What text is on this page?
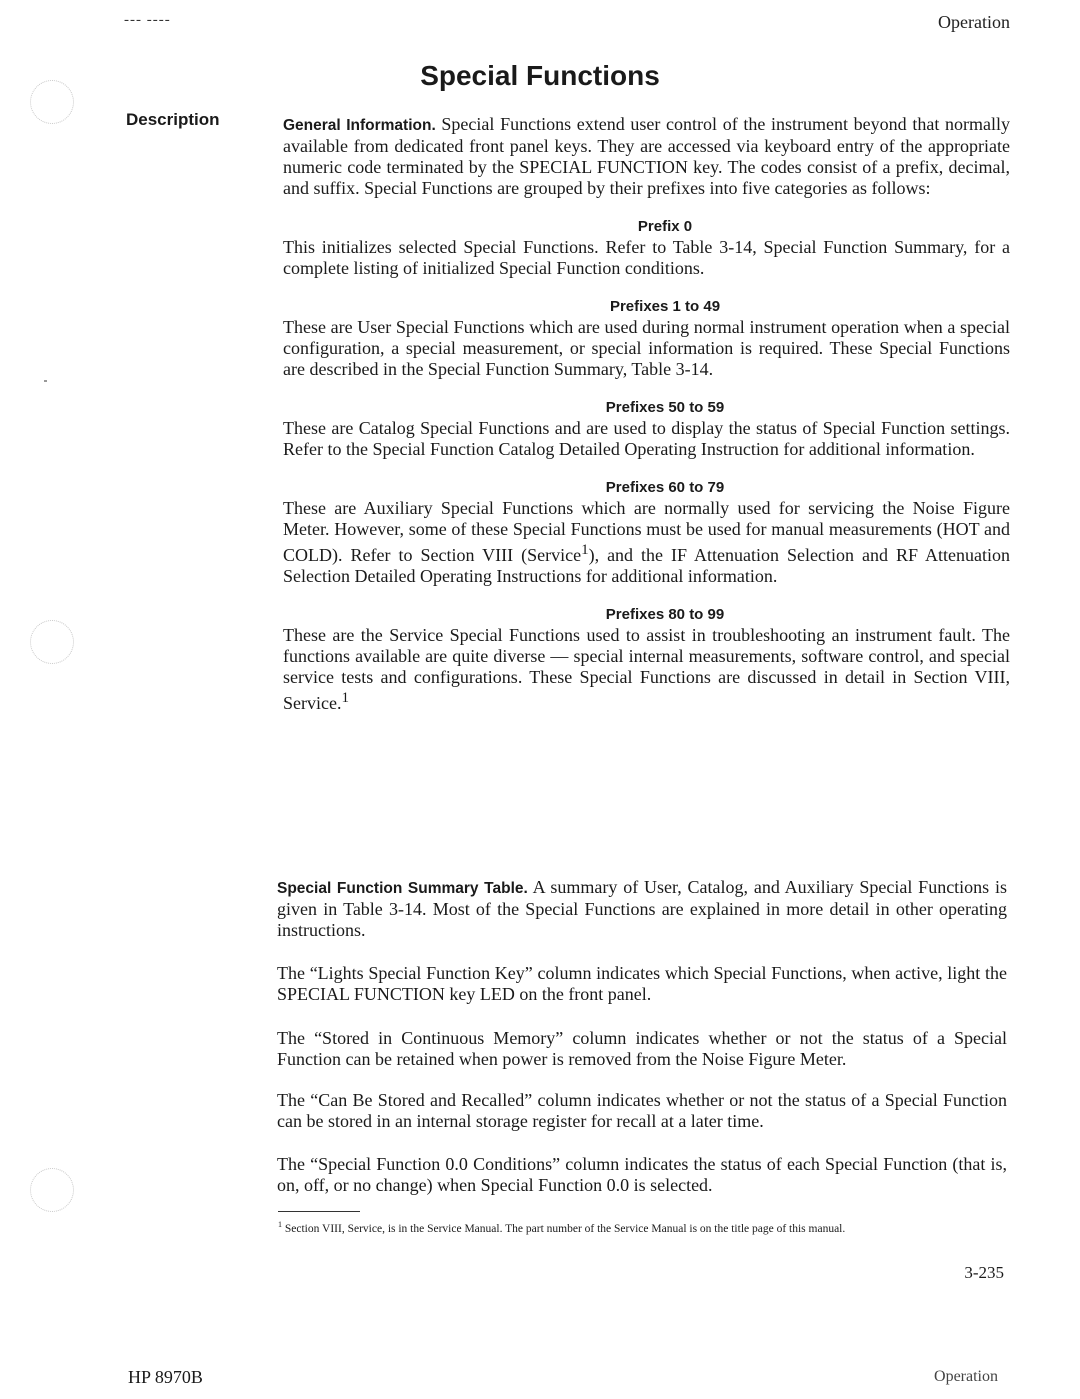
--- ----	Operation
Special Functions
Description	General Information. Special Functions extend user control of the instrument beyond that normally available from dedicated front panel keys. They are accessed via keyboard entry of the appropriate numeric code terminated by the SPECIAL FUNCTION key. The codes consist of a prefix, decimal, and suffix. Special Functions are grouped by their prefixes into five categories as follows:

Prefix 0

This initializes selected Special Functions. Refer to Table 3-14, Special Function Summary, for a complete listing of initialized Special Function conditions.

Prefixes 1 to 49

These are User Special Functions which are used during normal instrument operation when a special configuration, a special measurement, or special information is required. These Special Functions are described in the Special Function Summary, Table 3-14.

Prefixes 50 to 59

These are Catalog Special Functions and are used to display the status of Special Function settings. Refer to the Special Function Catalog Detailed Operating Instruction for additional information.

Prefixes 60 to 79

These are Auxiliary Special Functions which are normally used for servicing the Noise Figure Meter. However, some of these Special Functions must be used for manual measurements (HOT and COLD). Refer to Section VIII (Service$^1$), and the IF Attenuation Selection and RF Attenuation Selection Detailed Operating Instructions for additional information.

Prefixes 80 to 99

These are the Service Special Functions used to assist in troubleshooting an instrument fault. The functions available are quite diverse — special internal measurements, software control, and special service tests and configurations. These Special Functions are discussed in detail in Section VIII, Service.$^1$

Special Function Summary Table. A summary of User, Catalog, and Auxiliary Special Functions is given in Table 3-14. Most of the Special Functions are explained in more detail in other operating instructions.

The “Lights Special Function Key” column indicates which Special Functions, when active, light the SPECIAL FUNCTION key LED on the front panel.
The “Stored in Continuous Memory” column indicates whether or not the status of a Special Function can be retained when power is removed from the Noise Figure Meter.
The “Can Be Stored and Recalled” column indicates whether or not the status of a Special Function can be stored in an internal storage register for recall at a later time.
The “Special Function 0.0 Conditions” column indicates the status of each Special Function (that is, on, off, or no change) when Special Function 0.0 is selected.
$^1$ Section VIII, Service, is in the Service Manual. The part number of the Service Manual is on the title page of this manual.
3-235
HP 8970B	Operation
